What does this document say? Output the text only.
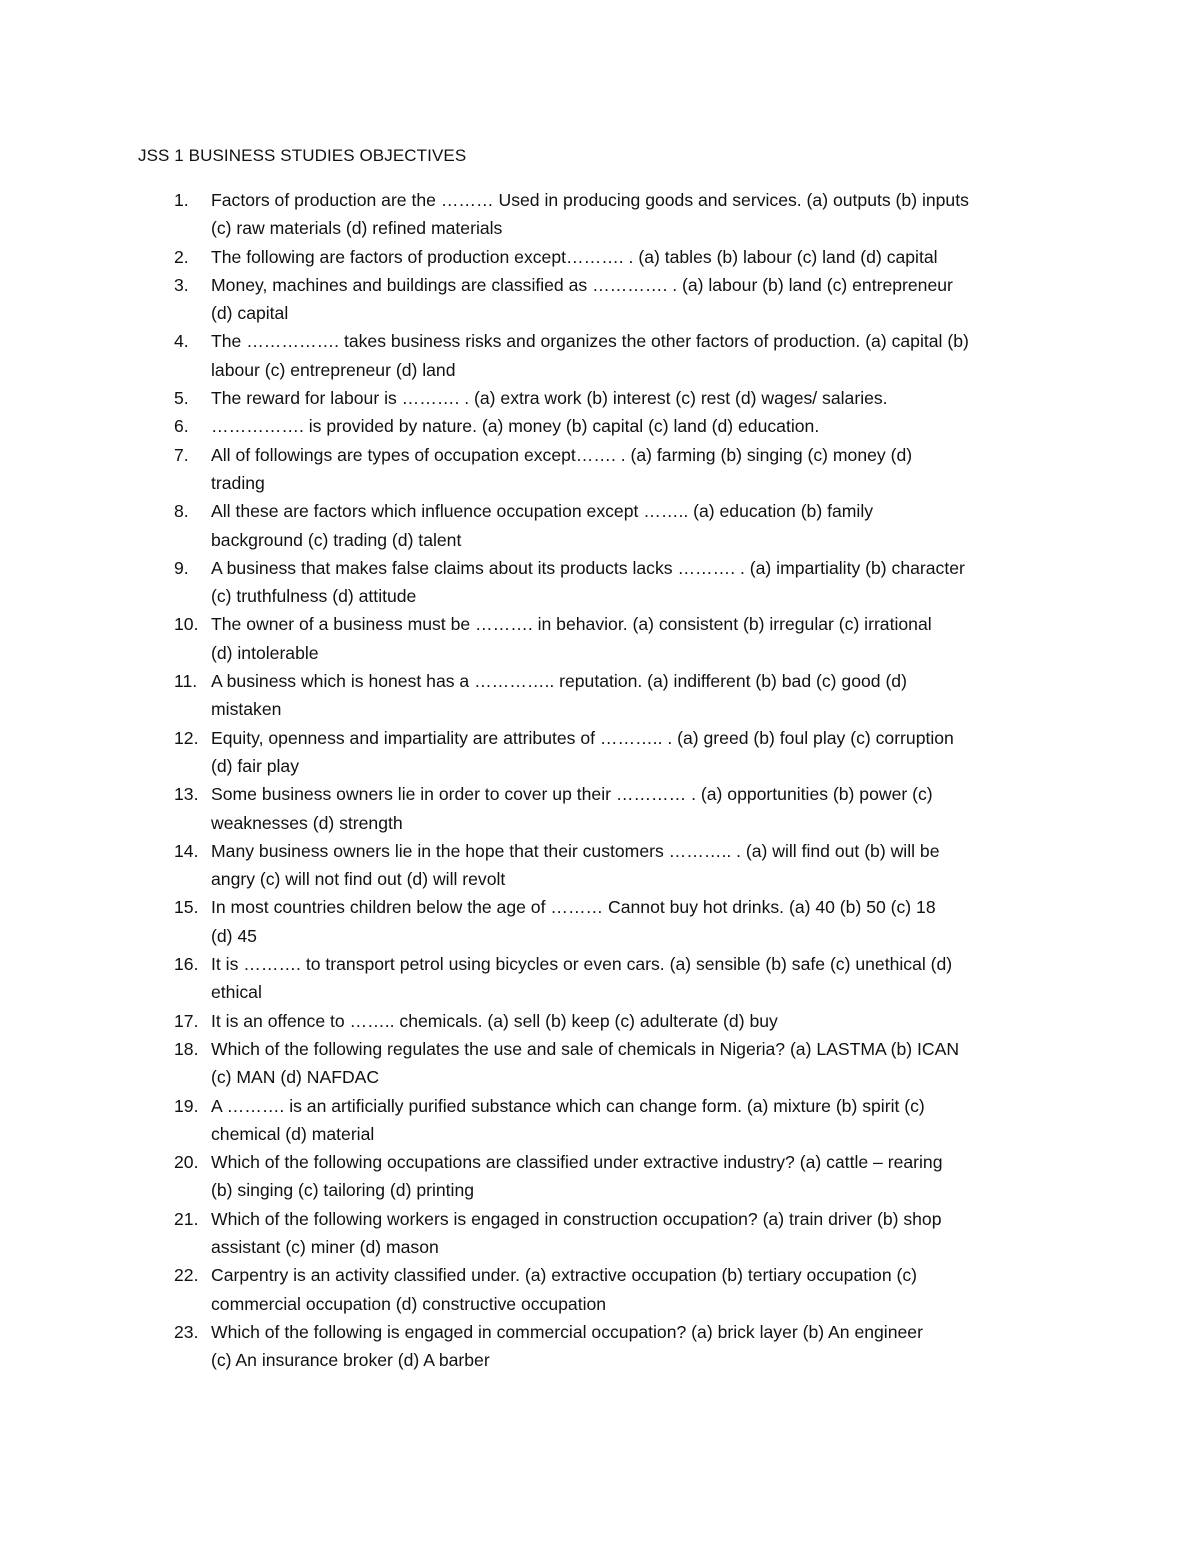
JSS 1 BUSINESS STUDIES OBJECTIVES
1.	Factors of production are the ……… Used in producing goods and services. (a) outputs (b) inputs
(c) raw materials (d) refined materials
2.	The following are factors of production except………. . (a) tables (b) labour (c) land (d) capital
3.	Money, machines and buildings are classified as …………. . (a) labour (b) land (c) entrepreneur
(d) capital
4.	The ……………. takes business risks and organizes the other factors of production. (a) capital (b)
labour (c) entrepreneur (d) land
5.	The reward for labour is ………. . (a) extra work (b) interest (c) rest (d) wages/ salaries.
6.	……………. is provided by nature. (a) money (b) capital (c) land (d) education.
7.	All of followings are types of occupation except……. . (a) farming (b) singing (c) money (d)
trading
8.	All these are factors which influence occupation except …….. (a) education (b) family
background (c) trading (d) talent
9.	A business that makes false claims about its products lacks ………. . (a) impartiality (b) character
(c) truthfulness (d) attitude
10. The owner of a business must be ………. in behavior. (a) consistent (b) irregular (c) irrational
(d) intolerable
11. A business which is honest has a ………….. reputation. (a) indifferent (b) bad (c) good (d)
mistaken
12. Equity, openness and impartiality are attributes of ……….. . (a) greed (b) foul play (c) corruption
(d) fair play
13. Some business owners lie in order to cover up their ………… . (a) opportunities (b) power (c)
weaknesses (d) strength
14. Many business owners lie in the hope that their customers ……….. . (a) will find out (b) will be
angry (c) will not find out (d) will revolt
15. In most countries children below the age of ……… Cannot buy hot drinks. (a) 40 (b) 50 (c) 18
(d) 45
16. It is ………. to transport petrol using bicycles or even cars. (a) sensible (b) safe (c) unethical (d)
ethical
17. It is an offence to …….. chemicals. (a) sell (b) keep (c) adulterate (d) buy
18. Which of the following regulates the use and sale of chemicals in Nigeria? (a) LASTMA (b) ICAN
(c) MAN (d) NAFDAC
19. A ………. is an artificially purified substance which can change form. (a) mixture (b) spirit (c)
chemical (d) material
20. Which of the following occupations are classified under extractive industry? (a) cattle – rearing
(b) singing (c) tailoring (d) printing
21. Which of the following workers is engaged in construction occupation? (a) train driver (b) shop
assistant (c) miner (d) mason
22. Carpentry is an activity classified under. (a) extractive occupation (b) tertiary occupation (c)
commercial occupation (d) constructive occupation
23. Which of the following is engaged in commercial occupation? (a) brick layer (b) An engineer
(c) An insurance broker (d) A barber
